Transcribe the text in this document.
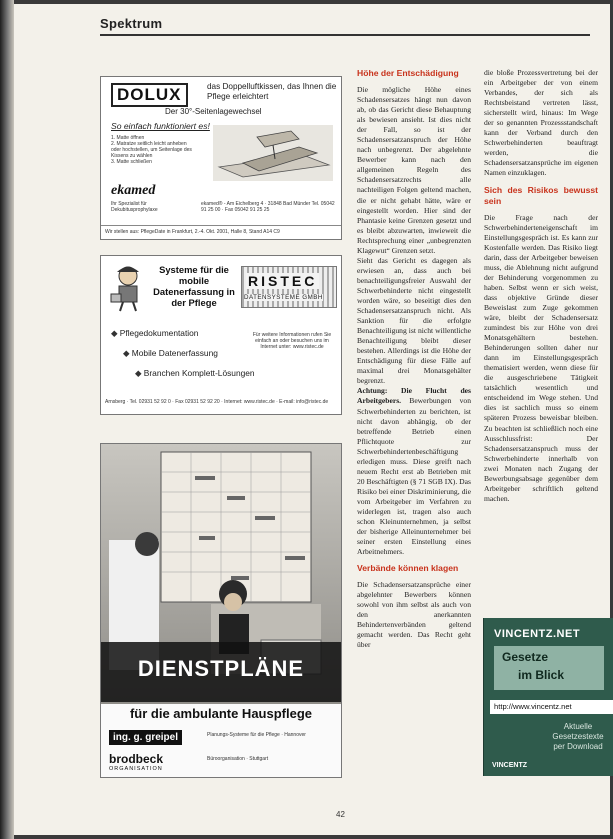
Spektrum
DOLUX	das Doppelluftkissen, das Ihnen die Pflege erleichtert
Der 30°-Seitenlagewechsel
So einfach funktioniert es!
1. Matte öffnen
2. Matratze seitlich leicht anheben oder hochstellen, um Seitenlage des Kissens zu wählen
3. Matte schließen
ekamed
Ihr Spezialist für Dekubitusprophylaxe
ekamed® - Am Eichelberg 4 · 31848 Bad Münder Tel. 05042 91 25 00 · Fax 05042 91 25 25
Wir stellen aus: PflegeDate in Frankfurt, 2.-4. Okt. 2001, Halle 8, Stand A14 C9
Systeme für die mobile Datenerfassung in der Pflege
RISTEC
DATENSYSTEME GMBH
◆ Pflegedokumentation
◆ Mobile Datenerfassung
◆ Branchen Komplett-Lösungen
Für weitere Informationen rufen Sie einfach an oder besuchen uns im Internet unter: www.ristec.de
Arnsberg · Tel. 02931 52 92 0 · Fax 02931 52 92 20 · Internet: www.ristec.de · E-mail: info@ristec.de
DIENSTPLÄNE
für die ambulante Hauspflege
ing. g. greipel	Planungs-Systeme für die Pflege · Hannover
brodbeck
ORGANISATION
Büroorganisation · Stuttgart

Höhe der Entschädigung

Die mögliche Höhe eines Schadensersatzes hängt nun davon ab, ob das Gericht diese Behauptung als bewiesen ansieht. Ist dies nicht der Fall, so ist der Schadensersatzanspruch der Höhe nach unbegrenzt. Der abgelehnte Bewerber kann nach den allgemeinen Regeln des Schadensersatzrechts alle nachteiligen Folgen geltend machen, die er nicht gehabt hätte, wäre er eingestellt worden. Hier sind der Phantasie keine Grenzen gesetzt und es bleibt abzuwarten, inwieweit die Rechtsprechung einer „unbegrenzten Klagewut“ Grenzen setzt.

Sieht das Gericht es dagegen als erwiesen an, dass auch bei benachteiligungsfreier Auswahl der Schwerbehinderte nicht eingestellt worden wäre, so beseitigt dies den Schadensersatzanspruch nicht. Als Sanktion für die erfolgte Benachteiligung ist nicht willentliche Benachteiligung bleibt dieser bestehen. Allerdings ist die Höhe der Entschädigung für diese Fälle auf maximal drei Monatsgehälter begrenzt.

Achtung: Die Flucht des Arbeitgebers. Bewerbungen von Schwerbehinderten zu berichten, ist nicht davon abhängig, ob der betreffende Betrieb einen Pflichtquote zur Schwerbehindertenbeschäftigung erledigen muss. Diese greift nach neuem Recht erst ab Betrieben mit 20 Beschäftigten (§ 71 SGB IX). Das Risiko bei einer Diskriminierung, die vom Arbeitgeber im Verfahren zu widerlegen ist, tragen also auch schon Kleinunternehmen, ja selbst der bisherige Alleinunternehmer bei seiner ersten Einstellung eines Arbeitnehmers.

Verbände können klagen

Die Schadensersatzansprüche einer abgelehnter Bewerbers können sowohl von ihm selbst als auch von den anerkannten Behindertenverbänden geltend gemacht werden. Das Recht geht über

die bloße Prozessvertretung bei der ein Arbeitgeber der von einem Verbandes, der sich als Rechtsbeistand vertreten lässt, sicherstellt wird, hinaus: Im Wege der so genannten Prozessstandschaft kann der Verband durch den Schwerbehinderten beauftragt werden, die Schadensersatzansprüche im eigenen Namen einzuklagen.

Sich des Risikos bewusst sein

Die Frage nach der Schwerbehinderteneigenschaft im Einstellungsgespräch ist. Es kann zur Kostenfalle werden. Das Risiko liegt darin, dass der Arbeitgeber beweisen muss, die Ablehnung nicht aufgrund der Behinderung vorgenommen zu haben. Selbst wenn er sich weist, dass objektive Gründe dieser Beweislast zum Zuge gekommen wäre, bleibt der Schadensersatz zumindest bis zur Höhe von drei Monatsgehältern bestehen. Behinderungen sollten daher nur dann im Einstellungsgespräch thematisiert werden, wenn diese für die ausgeschriebene Tätigkeit tatsächlich wesentlich und entscheidend im Wege stehen. Und dies ist sachlich muss so einem späteren Prozess beweisbar bleiben. Zu beachten ist schließlich noch eine Ausschlussfrist: Der Schadensersatzanspruch muss der Schwerbehinderte innerhalb von zwei Monaten nach Zugang der Bewerbungsabsage gegenüber dem Arbeitgeber schriftlich geltend machen.

VINCENTZ.NET
Gesetze
im Blick
http://www.vincentz.net
Aktuelle
Gesetzestexte
per Download
VINCENTZ
42
